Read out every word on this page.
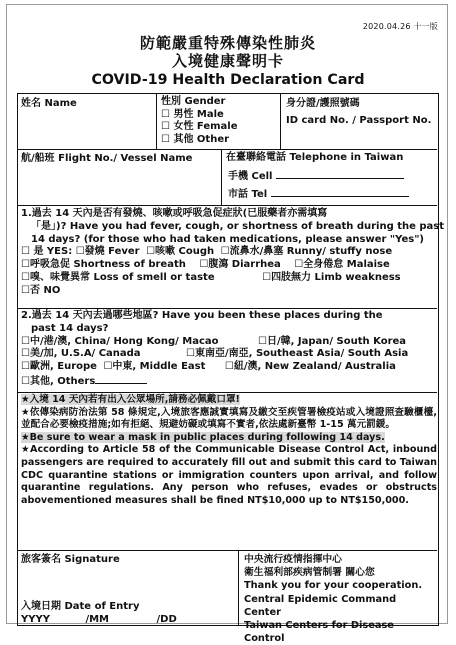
2020.04.26 十一版
防範嚴重特殊傳染性肺炎
入境健康聲明卡
COVID-19 Health Declaration Card
姓名 Name	性別 Gender
☐ 男性 Male
☐ 女性 Female
☐ 其他 Other
身分證/護照號碼
ID card No. / Passport No.
航/船班 Flight No./ Vessel Name	在臺聯絡電話 Telephone in Taiwan
手機 Cell
市話 Tel
1.過去 14 天內是否有發燒、咳嗽或呼吸急促症狀(已服藥者亦需填寫
「是」)? Have you had fever, cough, or shortness of breath during the past
14 days? (for those who had taken medications, please answer "Yes")
☐ 是 YES: ☐發燒 Fever ☐咳嗽 Cough ☐流鼻水/鼻塞 Runny/ stuffy nose
☐呼吸急促 Shortness of breath ☐腹瀉 Diarrhea ☐全身倦怠 Malaise
☐嗅、味覺異常 Loss of smell or taste	☐四肢無力 Limb weakness
☐否 NO
2.過去 14 天內去過哪些地區? Have you been these places during the
past 14 days?
☐中/港/澳, China/ Hong Kong/ Macao	☐日/韓, Japan/ South Korea
☐美/加, U.S.A/ Canada	☐東南亞/南亞, Southeast Asia/ South Asia
☐歐洲, Europe ☐中東, Middle East ☐紐/澳, New Zealand/ Australia
☐其他, Others

★入境 14 天內若有出入公眾場所,請務必佩戴口罩!

★依傳染病防治法第 58 條規定,入境旅客應誠實填寫及繳交至疾管署檢疫站或入境證照查驗櫃檯,並配合必要檢疫措施;如有拒絕、規避妨礙或填寫不實者,依法處新臺幣 1-15 萬元罰鍰。

★Be sure to wear a mask in public places during following 14 days.

★According to Article 58 of the Communicable Disease Control Act, inbound passengers are required to accurately fill out and submit this card to Taiwan CDC quarantine stations or immigration counters upon arrival, and follow quarantine regulations. Any person who refuses, evades or obstructs abovementioned measures shall be fined NT$10,000 up to NT$150,000.

旅客簽名 Signature
入境日期 Date of Entry
YYYY	/MM	/DD
中央流行疫情指揮中心
衛生福利部疾病管制署 關心您
Thank you for your cooperation.
Central Epidemic Command Center
Taiwan Centers for Disease Control
